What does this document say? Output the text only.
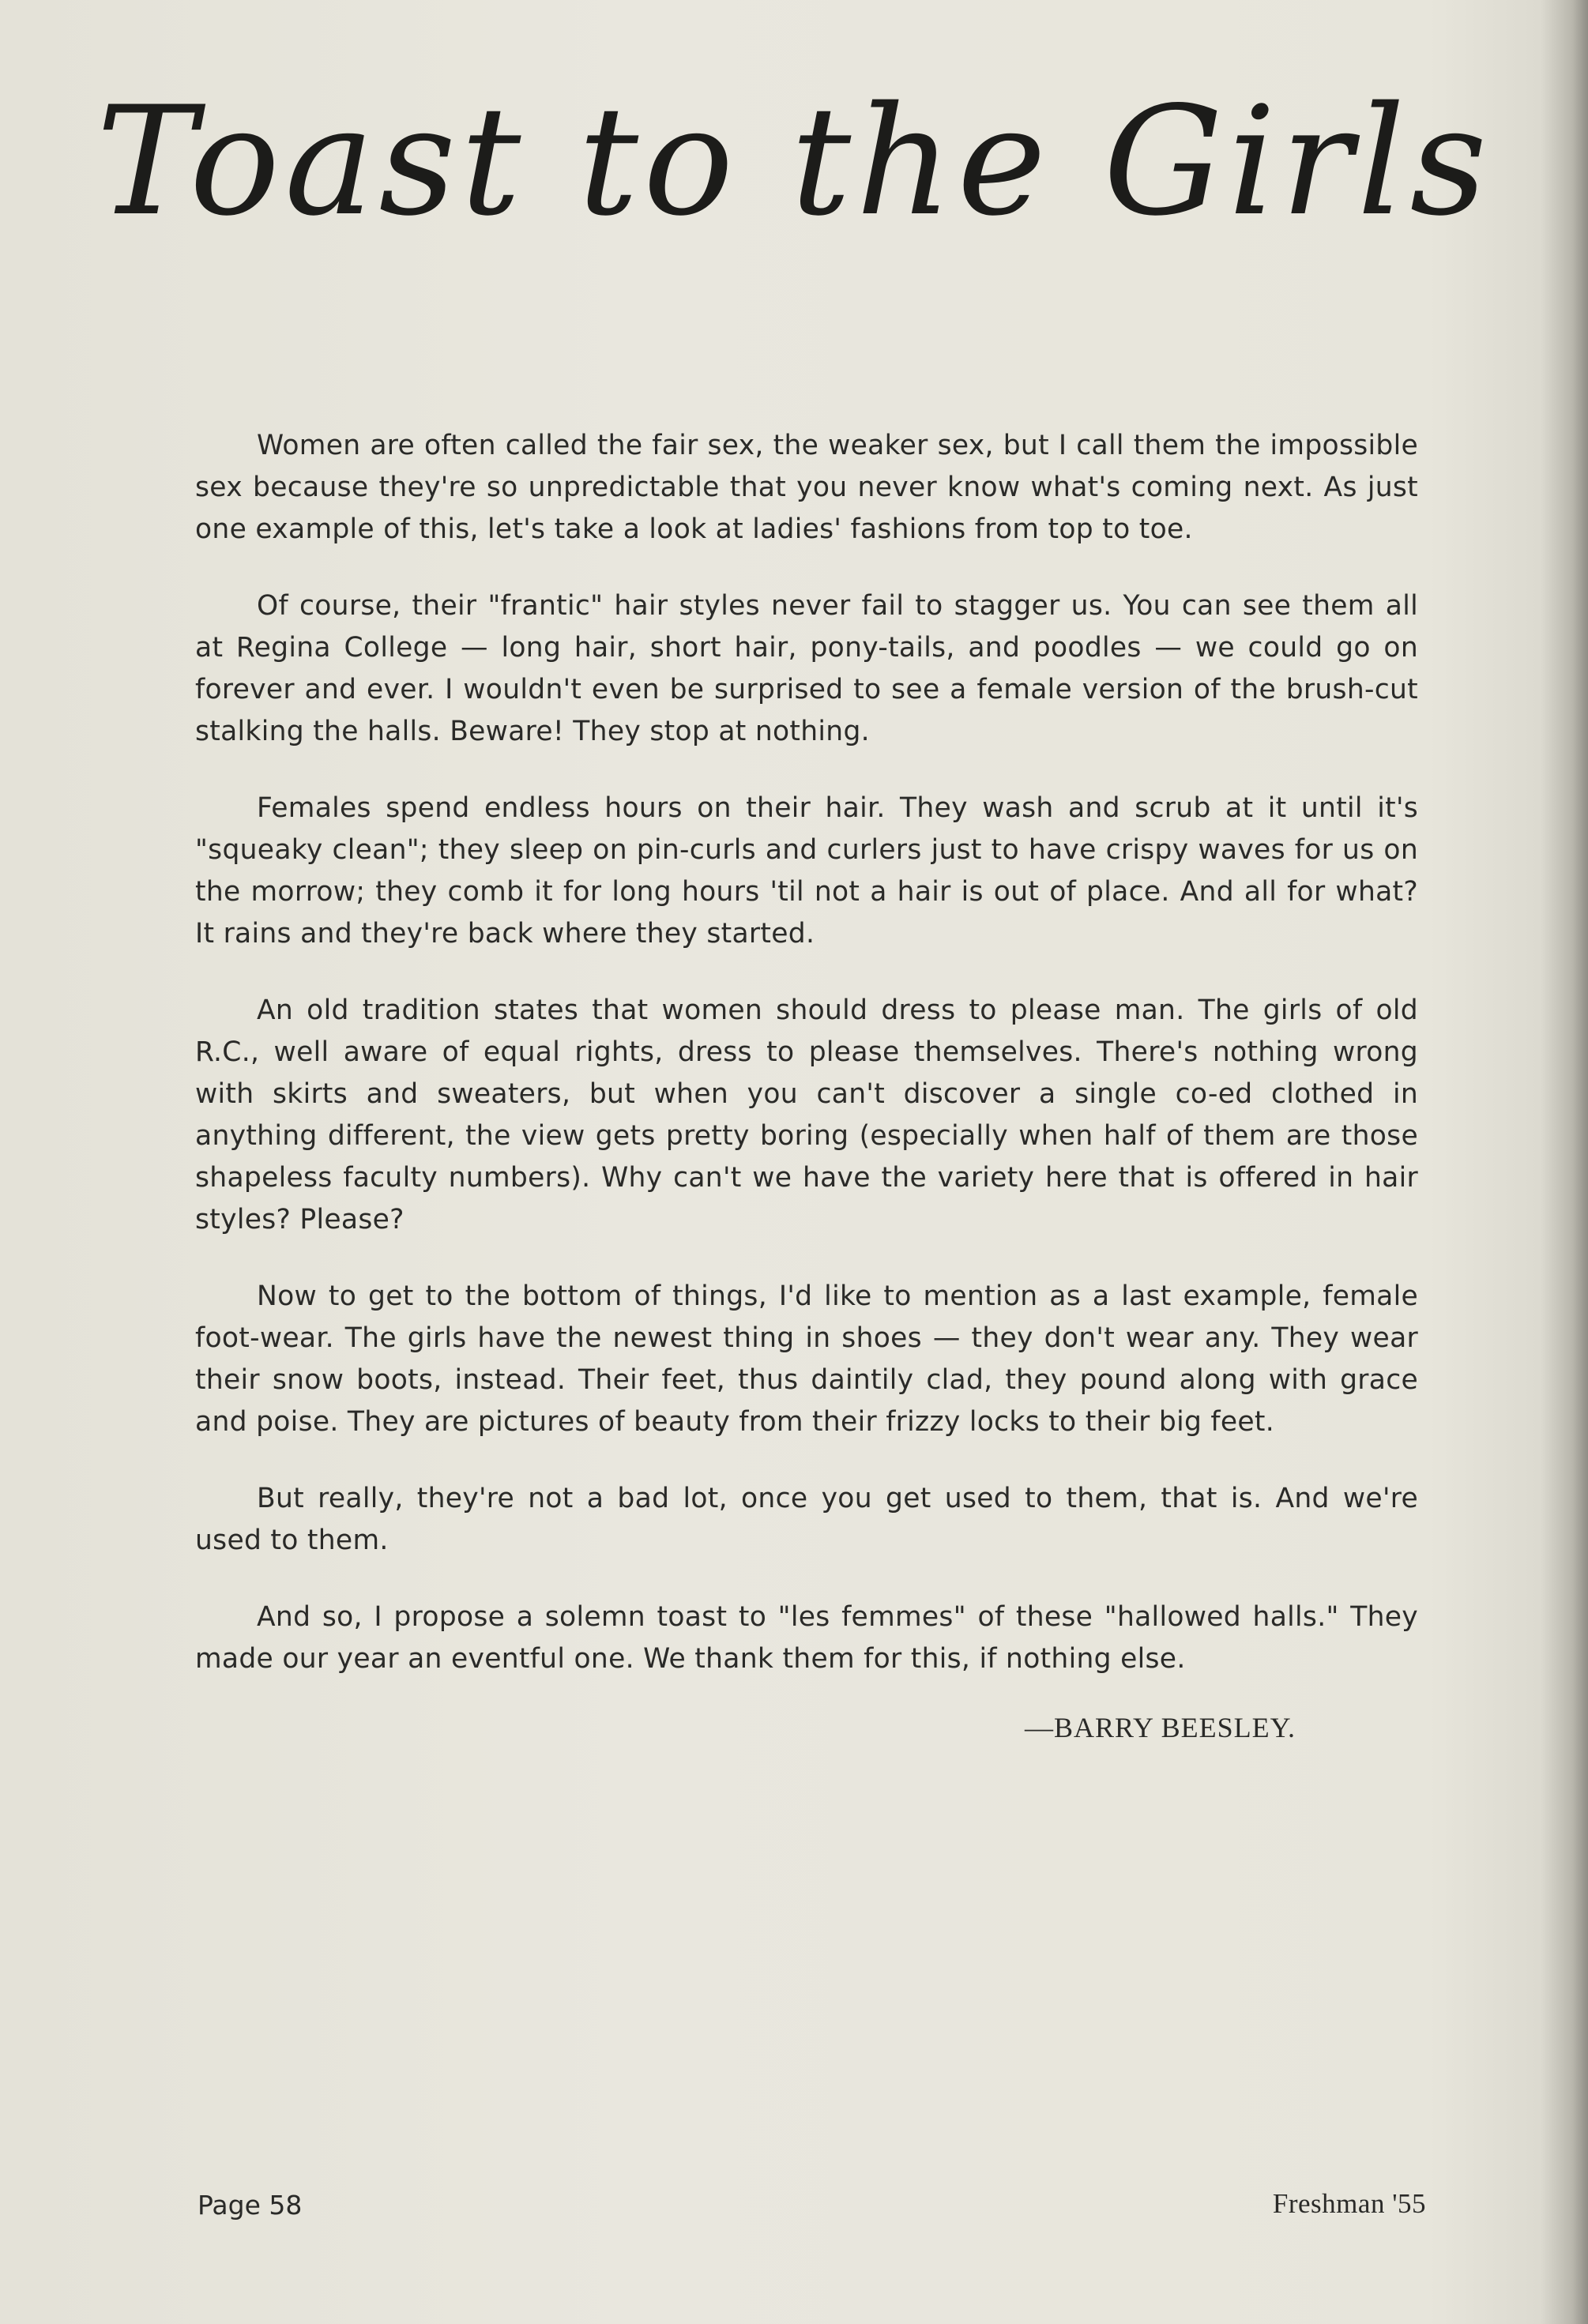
Toast to the Girls

Women are often called the fair sex, the weaker sex, but I call them the impossible sex because they're so unpredictable that you never know what's coming next. As just one example of this, let's take a look at ladies' fashions from top to toe.

Of course, their "frantic" hair styles never fail to stagger us. You can see them all at Regina College — long hair, short hair, pony-tails, and poodles — we could go on forever and ever. I wouldn't even be surprised to see a female version of the brush-cut stalking the halls. Beware! They stop at nothing.

Females spend endless hours on their hair. They wash and scrub at it until it's "squeaky clean"; they sleep on pin-curls and curlers just to have crispy waves for us on the morrow; they comb it for long hours 'til not a hair is out of place. And all for what? It rains and they're back where they started.

An old tradition states that women should dress to please man. The girls of old R.C., well aware of equal rights, dress to please themselves. There's nothing wrong with skirts and sweaters, but when you can't discover a single co-ed clothed in anything different, the view gets pretty boring (especially when half of them are those shapeless faculty numbers). Why can't we have the variety here that is offered in hair styles? Please?

Now to get to the bottom of things, I'd like to mention as a last example, female foot-wear. The girls have the newest thing in shoes — they don't wear any. They wear their snow boots, instead. Their feet, thus daintily clad, they pound along with grace and poise. They are pictures of beauty from their frizzy locks to their big feet.

But really, they're not a bad lot, once you get used to them, that is. And we're used to them.

And so, I propose a solemn toast to "les femmes" of these "hallowed halls." They made our year an eventful one. We thank them for this, if nothing else.

—BARRY BEESLEY.

Page 58	Freshman '55
